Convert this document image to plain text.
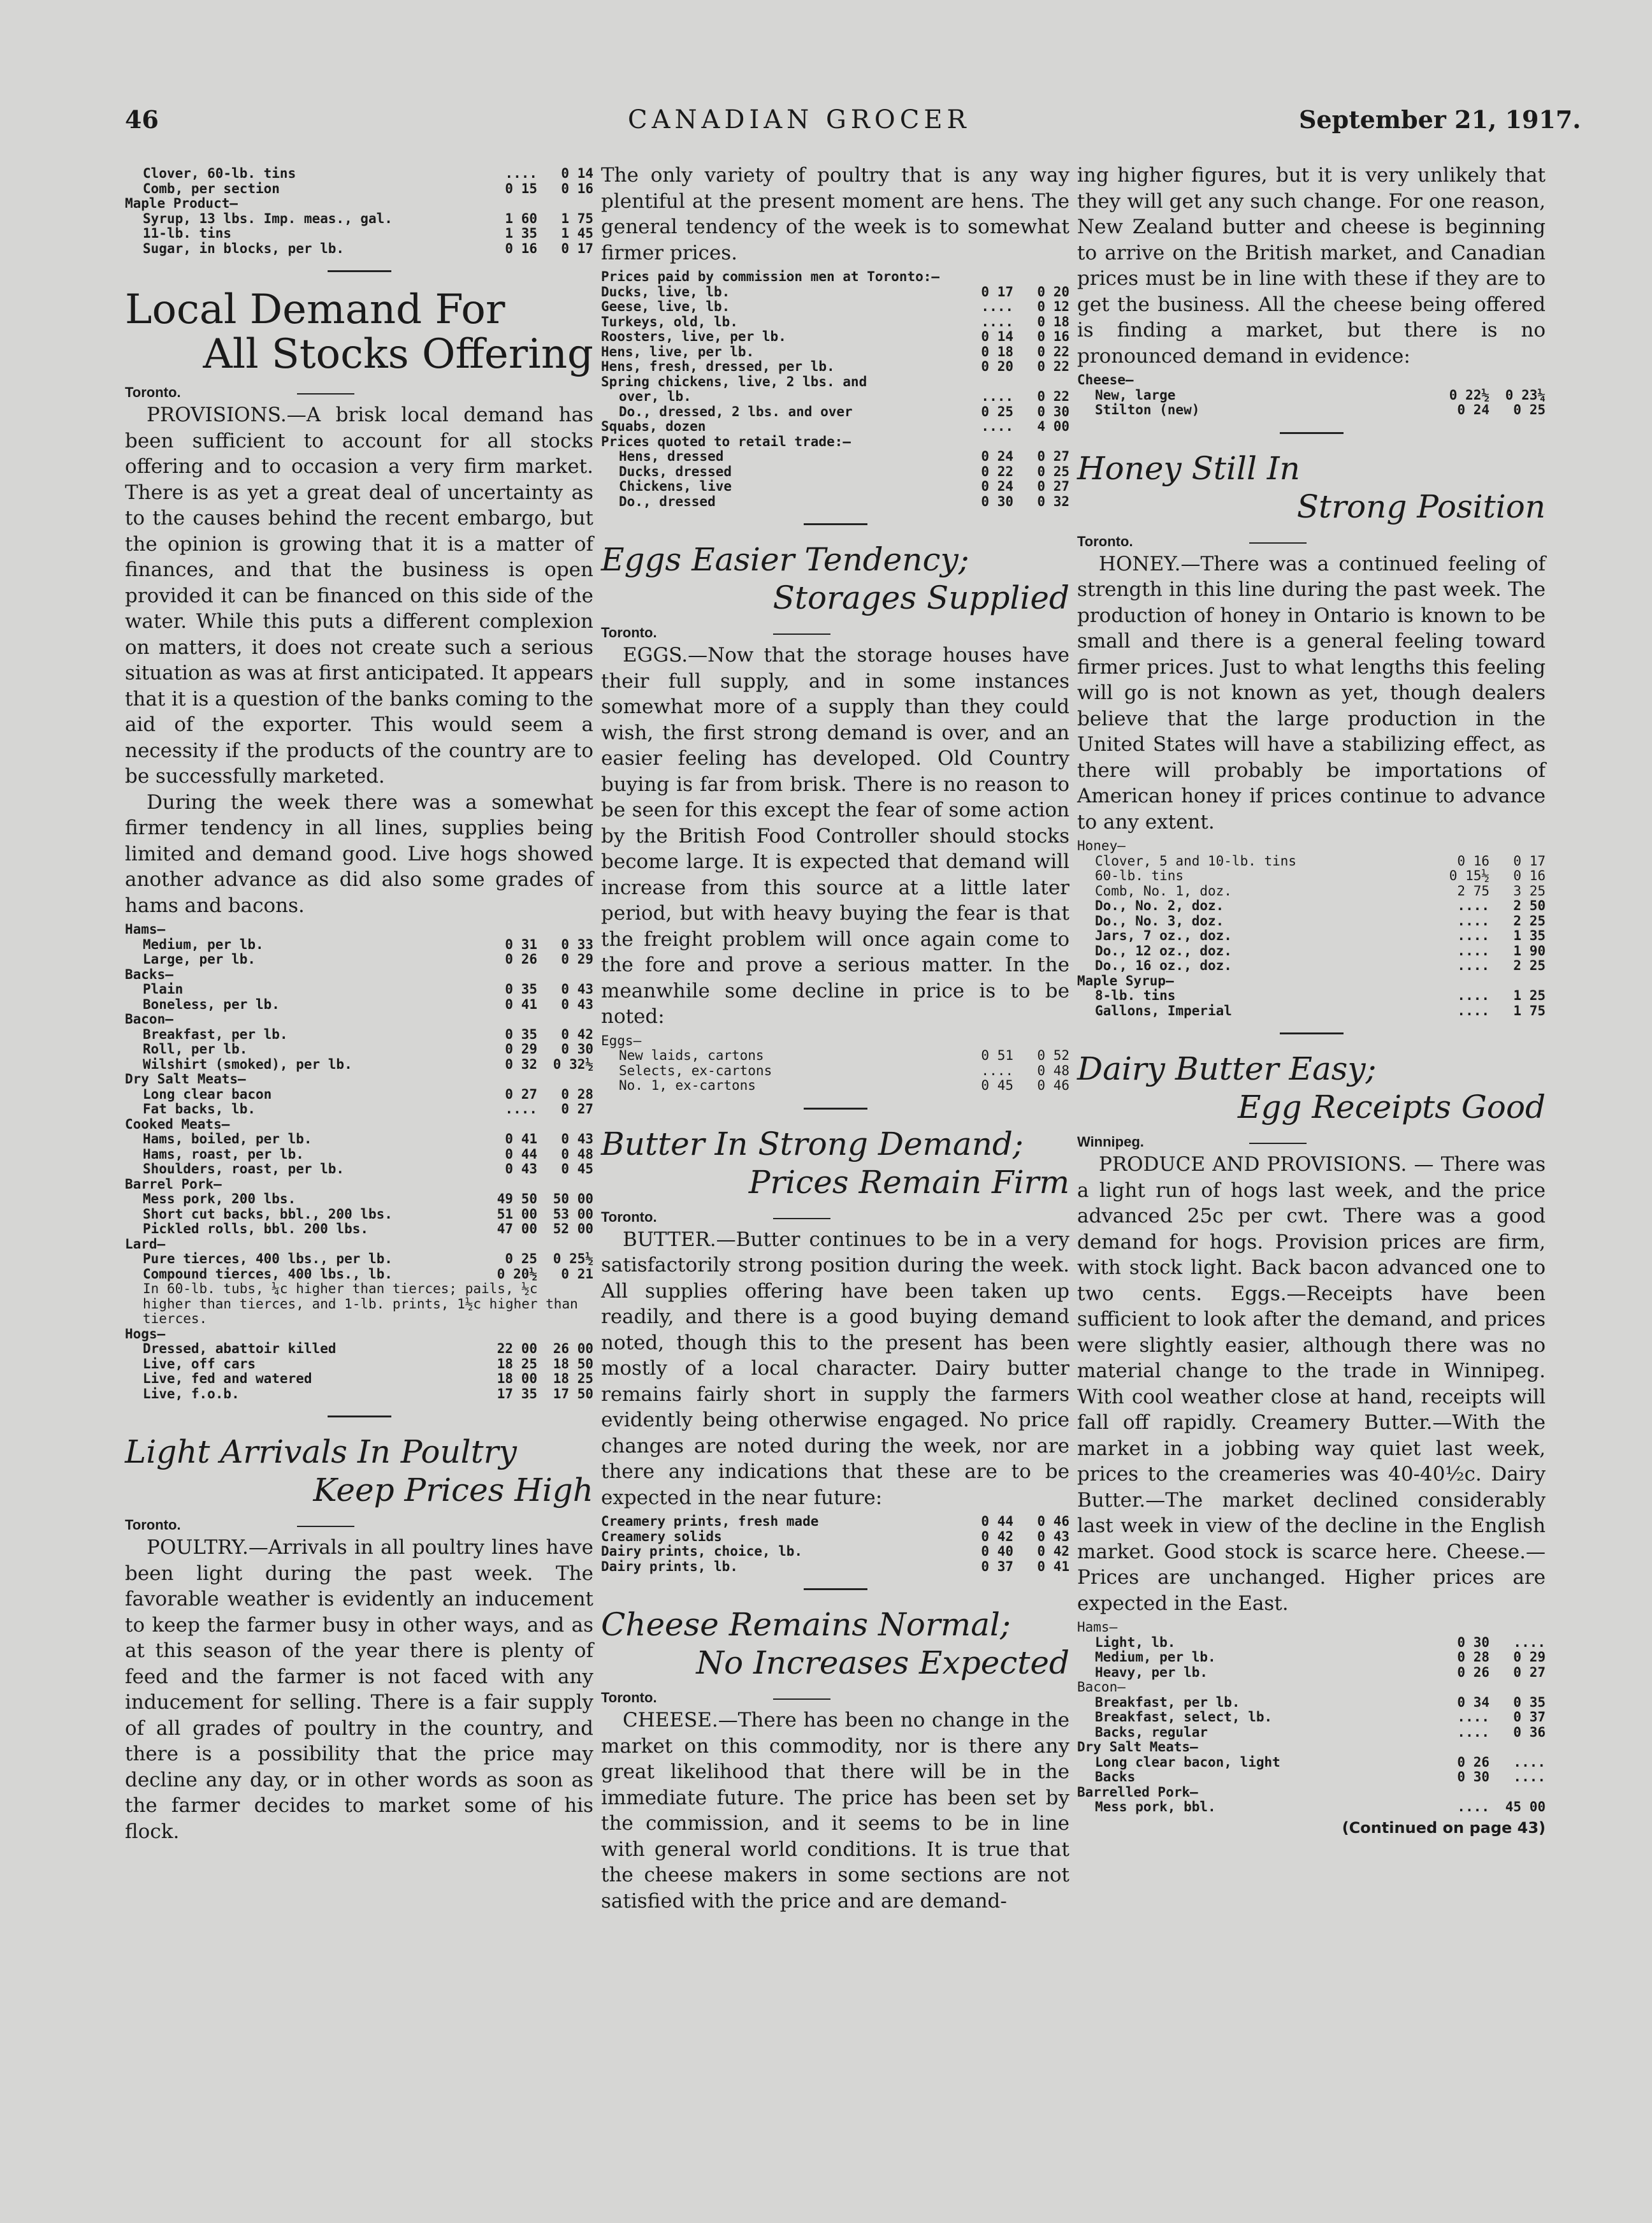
46	CANADIAN GROCER	September 21, 1917.
Clover, 60-lb. tins	....	0 14
Comb, per section	0 15	0 16
Maple Product—		
Syrup, 13 lbs. Imp. meas., gal.	1 60	1 75
11-lb. tins	1 35	1 45
Sugar, in blocks, per lb.	0 16	0 17
Local Demand For
All Stocks Offering
Toronto.

PROVISIONS.—A brisk local demand has been sufficient to account for all stocks offering and to occasion a very firm market. There is as yet a great deal of uncertainty as to the causes behind the recent embargo, but the opinion is growing that it is a matter of finances, and that the business is open provided it can be financed on this side of the water. While this puts a different complexion on matters, it does not create such a serious situation as was at first anticipated. It appears that it is a question of the banks coming to the aid of the exporter. This would seem a necessity if the products of the country are to be successfully marketed.
During the week there was a somewhat firmer tendency in all lines, supplies being limited and demand good. Live hogs showed another advance as did also some grades of hams and bacons.

Hams—		
Medium, per lb.	0 31	0 33
Large, per lb.	0 26	0 29
Backs—		
Plain	0 35	0 43
Boneless, per lb.	0 41	0 43
Bacon—		
Breakfast, per lb.	0 35	0 42
Roll, per lb.	0 29	0 30
Wilshirt (smoked), per lb.	0 32	0 32½
Dry Salt Meats—		
Long clear bacon	0 27	0 28
Fat backs, lb.	....	0 27
Cooked Meats—		
Hams, boiled, per lb.	0 41	0 43
Hams, roast, per lb.	0 44	0 48
Shoulders, roast, per lb.	0 43	0 45
Barrel Pork—		
Mess pork, 200 lbs.	49 50	50 00
Short cut backs, bbl., 200 lbs.	51 00	53 00
Pickled rolls, bbl. 200 lbs.	47 00	52 00
Lard—		
Pure tierces, 400 lbs., per lb.	0 25	0 25½
Compound tierces, 400 lbs., lb.	0 20½	0 21
In 60-lb. tubs, ¼c higher than tierces; pails, ½c higher than tierces, and 1-lb. prints, 1½c higher than tierces.		
Hogs—		
Dressed, abattoir killed	22 00	26 00
Live, off cars	18 25	18 50
Live, fed and watered	18 00	18 25
Live, f.o.b.	17 35	17 50
Light Arrivals In Poultry
Keep Prices High
Toronto.

POULTRY.—Arrivals in all poultry lines have been light during the past week. The favorable weather is evidently an inducement to keep the farmer busy in other ways, and as at this season of the year there is plenty of feed and the farmer is not faced with any inducement for selling. There is a fair supply of all grades of poultry in the country, and there is a possibility that the price may decline any day, or in other words as soon as the farmer decides to market some of his flock.

The only variety of poultry that is any way plentiful at the present moment are hens. The general tendency of the week is to somewhat firmer prices.

Prices paid by commission men at Toronto:—		
Ducks, live, lb.	0 17	0 20
Geese, live, lb.	....	0 12
Turkeys, old, lb.	....	0 18
Roosters, live, per lb.	0 14	0 16
Hens, live, per lb.	0 18	0 22
Hens, fresh, dressed, per lb.	0 20	0 22
Spring chickens, live, 2 lbs. and		
over, lb.	....	0 22
Do., dressed, 2 lbs. and over	0 25	0 30
Squabs, dozen	....	4 00
Prices quoted to retail trade:—		
Hens, dressed	0 24	0 27
Ducks, dressed	0 22	0 25
Chickens, live	0 24	0 27
Do., dressed	0 30	0 32
Eggs Easier Tendency;
Storages Supplied
Toronto.

EGGS.—Now that the storage houses have their full supply, and in some instances somewhat more of a supply than they could wish, the first strong demand is over, and an easier feeling has developed. Old Country buying is far from brisk. There is no reason to be seen for this except the fear of some action by the British Food Controller should stocks become large. It is expected that demand will increase from this source at a little later period, but with heavy buying the fear is that the freight problem will once again come to the fore and prove a serious matter. In the meanwhile some decline in price is to be noted:

Eggs—		
New laids, cartons	0 51	0 52
Selects, ex-cartons	....	0 48
No. 1, ex-cartons	0 45	0 46
Butter In Strong Demand;
Prices Remain Firm
Toronto.

BUTTER.—Butter continues to be in a very satisfactorily strong position during the week. All supplies offering have been taken up readily, and there is a good buying demand noted, though this to the present has been mostly of a local character. Dairy butter remains fairly short in supply the farmers evidently being otherwise engaged. No price changes are noted during the week, nor are there any indications that these are to be expected in the near future:

Creamery prints, fresh made	0 44	0 46
Creamery solids	0 42	0 43
Dairy prints, choice, lb.	0 40	0 42
Dairy prints, lb.	0 37	0 41
Cheese Remains Normal;
No Increases Expected
Toronto.

CHEESE.—There has been no change in the market on this commodity, nor is there any great likelihood that there will be in the immediate future. The price has been set by the commission, and it seems to be in line with general world conditions. It is true that the cheese makers in some sections are not satisfied with the price and are demand-

ing higher figures, but it is very unlikely that they will get any such change. For one reason, New Zealand butter and cheese is beginning to arrive on the British market, and Canadian prices must be in line with these if they are to get the business. All the cheese being offered is finding a market, but there is no pronounced demand in evidence:

Cheese—		
New, large	0 22½	0 23¼
Stilton (new)	0 24	0 25
Honey Still In
Strong Position
Toronto.

HONEY.—There was a continued feeling of strength in this line during the past week. The production of honey in Ontario is known to be small and there is a general feeling toward firmer prices. Just to what lengths this feeling will go is not known as yet, though dealers believe that the large production in the United States will have a stabilizing effect, as there will probably be importations of American honey if prices continue to advance to any extent.

Honey—		
Clover, 5 and 10-lb. tins	0 16	0 17
60-lb. tins	0 15½	0 16
Comb, No. 1, doz.	2 75	3 25
Do., No. 2, doz.	....	2 50
Do., No. 3, doz.	....	2 25
Jars, 7 oz., doz.	....	1 35
Do., 12 oz., doz.	....	1 90
Do., 16 oz., doz.	....	2 25
Maple Syrup—		
8-lb. tins	....	1 25
Gallons, Imperial	....	1 75
Dairy Butter Easy;
Egg Receipts Good
Winnipeg.

PRODUCE AND PROVISIONS. — There was a light run of hogs last week, and the price advanced 25c per cwt. There was a good demand for hogs. Provision prices are firm, with stock light. Back bacon advanced one to two cents. Eggs.—Receipts have been sufficient to look after the demand, and prices were slightly easier, although there was no material change to the trade in Winnipeg. With cool weather close at hand, receipts will fall off rapidly. Creamery Butter.—With the market in a jobbing way quiet last week, prices to the creameries was 40-40½c. Dairy Butter.—The market declined considerably last week in view of the decline in the English market. Good stock is scarce here. Cheese.—Prices are unchanged. Higher prices are expected in the East.

Hams—		
Light, lb.	0 30	....
Medium, per lb.	0 28	0 29
Heavy, per lb.	0 26	0 27
Bacon—		
Breakfast, per lb.	0 34	0 35
Breakfast, select, lb.	....	0 37
Backs, regular	....	0 36
Dry Salt Meats—		
Long clear bacon, light	0 26	....
Backs	0 30	....
Barrelled Pork—		
Mess pork, bbl.	....	45 00
(Continued on page 43)
